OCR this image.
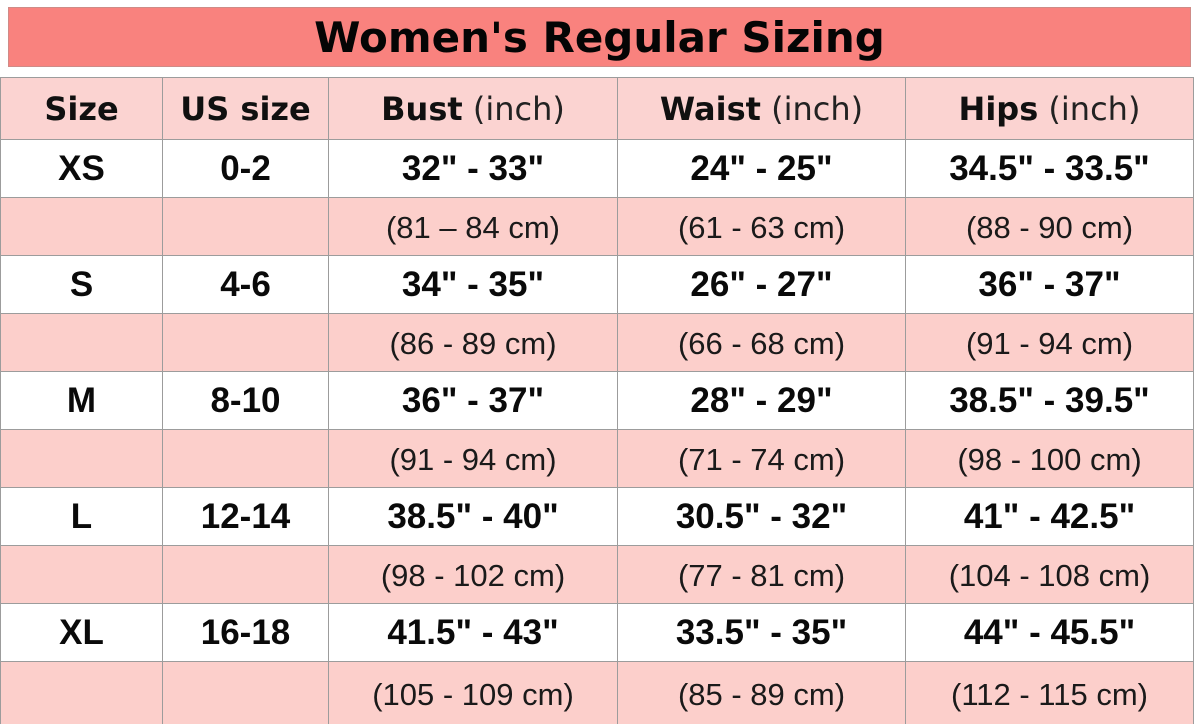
Women's Regular Sizing
Size	US size	Bust (inch)	Waist (inch)	Hips (inch)
XS	0-2	32" - 33"	24" - 25"	34.5" - 33.5"
		(81 – 84 cm)	(61 - 63 cm)	(88 - 90 cm)
S	4-6	34" - 35"	26" - 27"	36" - 37"
		(86 - 89 cm)	(66 - 68 cm)	(91 - 94 cm)
M	8-10	36" - 37"	28" - 29"	38.5" - 39.5"
		(91 - 94 cm)	(71 - 74 cm)	(98 - 100 cm)
L	12-14	38.5" - 40"	30.5" - 32"	41" - 42.5"
		(98 - 102 cm)	(77 - 81 cm)	(104 - 108 cm)
XL	16-18	41.5" - 43"	33.5" - 35"	44" - 45.5"
		(105 - 109 cm)	(85 - 89 cm)	(112 - 115 cm)
